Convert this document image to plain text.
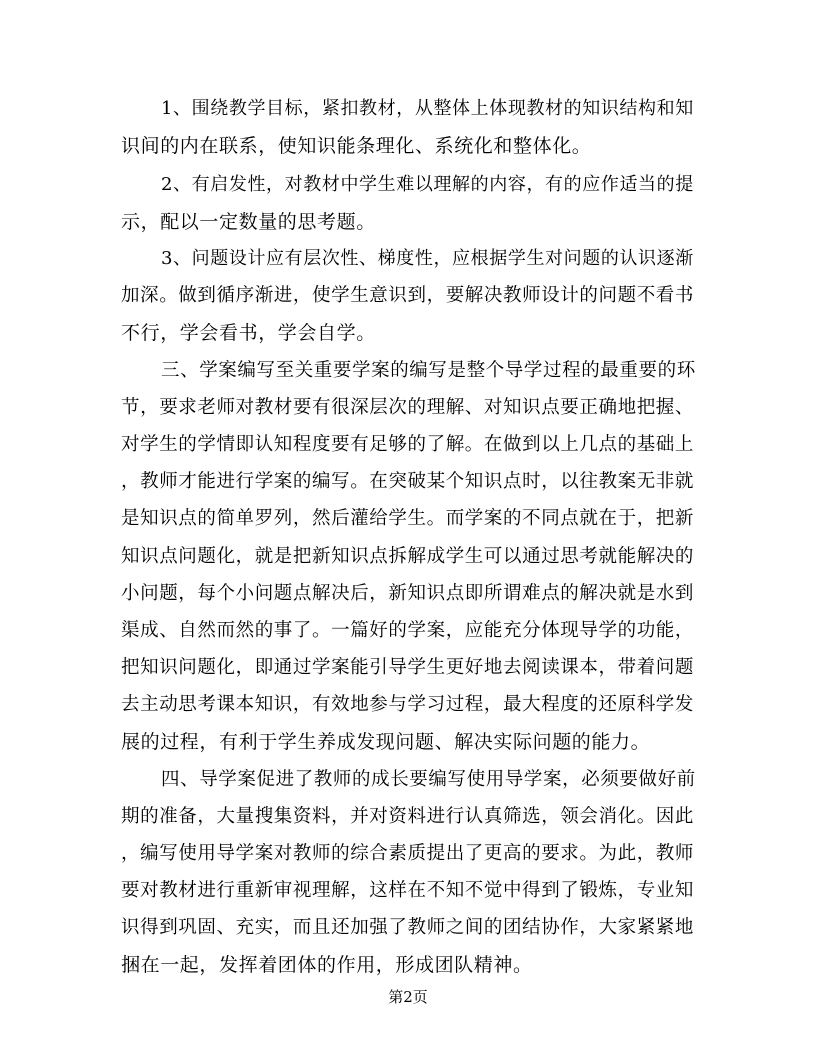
1、围绕教学目标，紧扣教材，从整体上体现教材的知识结构和知
识间的内在联系，使知识能条理化、系统化和整体化。
2、有启发性，对教材中学生难以理解的内容，有的应作适当的提
示，配以一定数量的思考题。
3、问题设计应有层次性、梯度性，应根据学生对问题的认识逐渐
加深。做到循序渐进，使学生意识到，要解决教师设计的问题不看书
不行，学会看书，学会自学。
三、学案编写至关重要学案的编写是整个导学过程的最重要的环
节，要求老师对教材要有很深层次的理解、对知识点要正确地把握、
对学生的学情即认知程度要有足够的了解。在做到以上几点的基础上
，教师才能进行学案的编写。在突破某个知识点时，以往教案无非就
是知识点的简单罗列，然后灌给学生。而学案的不同点就在于，把新
知识点问题化，就是把新知识点拆解成学生可以通过思考就能解决的
小问题，每个小问题点解决后，新知识点即所谓难点的解决就是水到
渠成、自然而然的事了。一篇好的学案，应能充分体现导学的功能，
把知识问题化，即通过学案能引导学生更好地去阅读课本，带着问题
去主动思考课本知识，有效地参与学习过程，最大程度的还原科学发
展的过程，有利于学生养成发现问题、解决实际问题的能力。
四、导学案促进了教师的成长要编写使用导学案，必须要做好前
期的准备，大量搜集资料，并对资料进行认真筛选，领会消化。因此
，编写使用导学案对教师的综合素质提出了更高的要求。为此，教师
要对教材进行重新审视理解，这样在不知不觉中得到了锻炼，专业知
识得到巩固、充实，而且还加强了教师之间的团结协作，大家紧紧地
捆在一起，发挥着团体的作用，形成团队精神。
第2页
